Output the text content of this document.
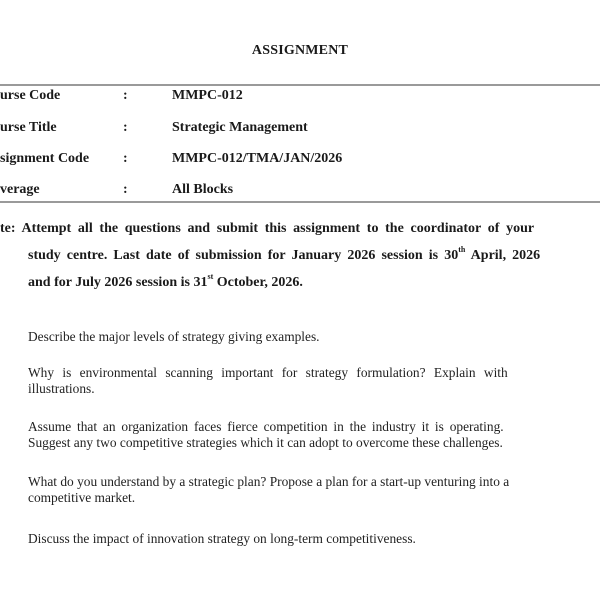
ASSIGNMENT
urse Code	:	MMPC-012
urse Title	:	Strategic Management
signment Code :	MMPC-012/TMA/JAN/2026
verage	:	All Blocks
te: Attempt all the questions and submit this assignment to the coordinator of your
study centre. Last date of submission for January 2026 session is 30th April, 2026
and for July 2026 session is 31st October, 2026.
Describe the major levels of strategy giving examples.
Why is environmental scanning important for strategy formulation? Explain with
illustrations.
Assume that an organization faces fierce competition in the industry it is operating.
Suggest any two competitive strategies which it can adopt to overcome these challenges.
What do you understand by a strategic plan? Propose a plan for a start-up venturing into a
competitive market.
Discuss the impact of innovation strategy on long-term competitiveness.
